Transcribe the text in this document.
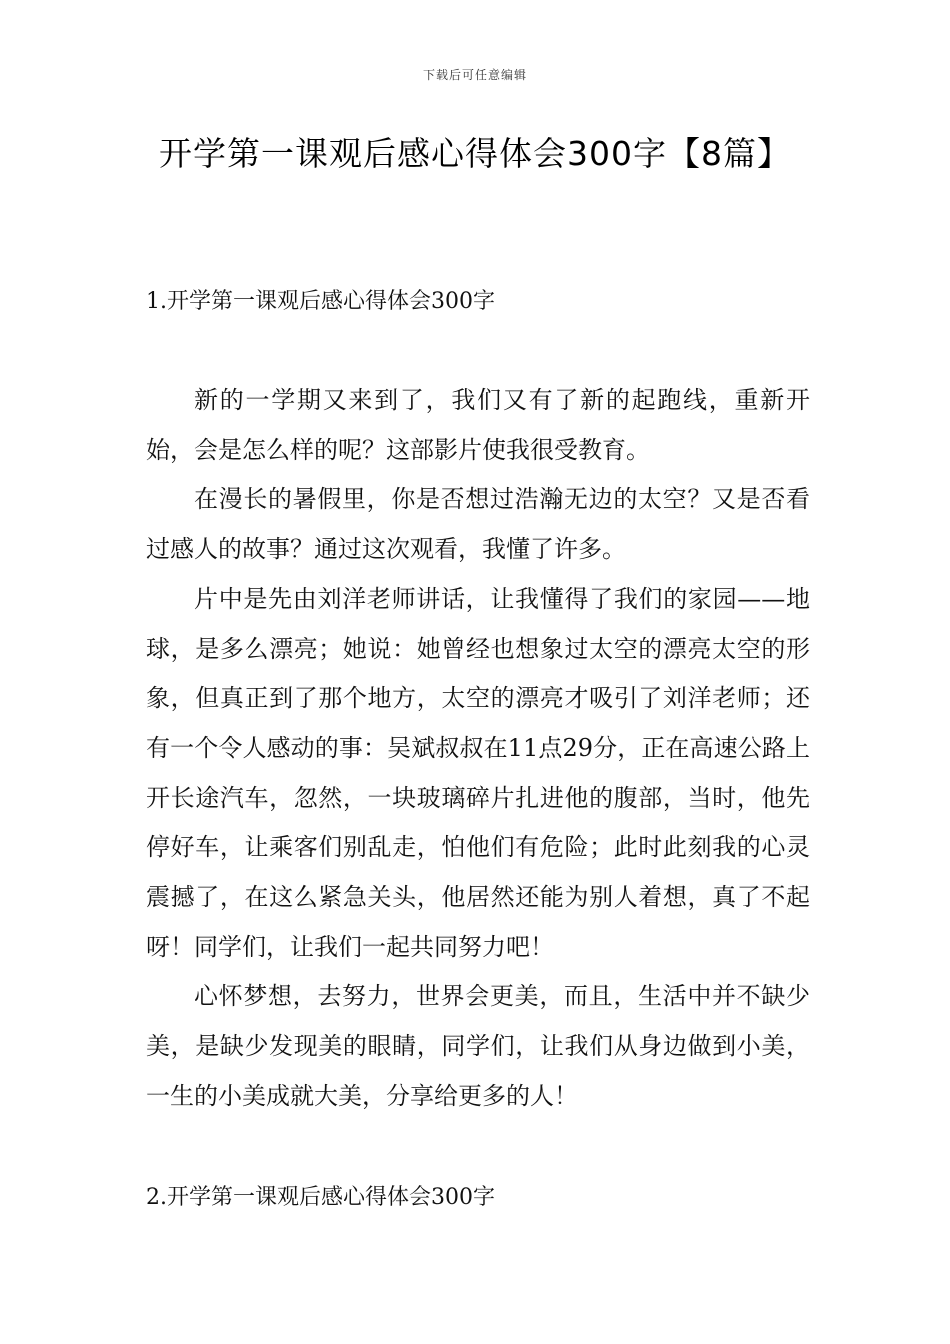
下载后可任意编辑
开学第一课观后感心得体会300字【8篇】
1.开学第一课观后感心得体会300字

新的一学期又来到了，我们又有了新的起跑线，重新开始，会是怎么样的呢？这部影片使我很受教育。

在漫长的暑假里，你是否想过浩瀚无边的太空？又是否看过感人的故事？通过这次观看，我懂了许多。

片中是先由刘洋老师讲话，让我懂得了我们的家园——地球，是多么漂亮；她说：她曾经也想象过太空的漂亮太空的形象，但真正到了那个地方，太空的漂亮才吸引了刘洋老师；还有一个令人感动的事：吴斌叔叔在11点29分，正在高速公路上开长途汽车，忽然，一块玻璃碎片扎进他的腹部，当时，他先停好车，让乘客们别乱走，怕他们有危险；此时此刻我的心灵震撼了，在这么紧急关头，他居然还能为别人着想，真了不起呀！同学们，让我们一起共同努力吧！

心怀梦想，去努力，世界会更美，而且，生活中并不缺少美，是缺少发现美的眼睛，同学们，让我们从身边做到小美，一生的小美成就大美，分享给更多的人！

2.开学第一课观后感心得体会300字
